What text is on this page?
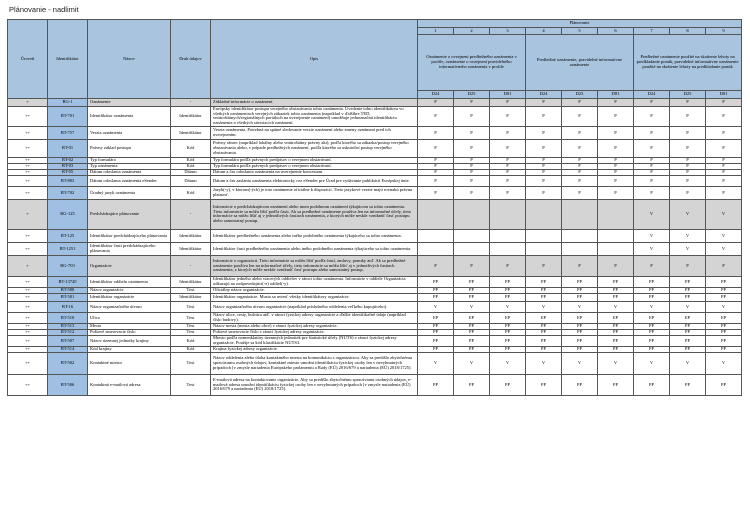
Plánovanie - nadlimit
Úroveň	Identifikátor	Názov	Druh údajov	Opis	Plánovanie								
					1	2	3	4	5	6	7	8	9
					Oznámenie o ovzejnení predbežného oznámenia v profile, oznámenie o ovzejnení pravidelného informatívneho oznámenia v profile			Predbežné oznámenie, pravidelné informatívne oznámenie			Predbežné oznámenie použité na skrátenie lehoty na predkladanie ponúk, pravidelné informatívne oznámenie použité na skrátenie lehoty na predkladanie ponúk		
					D24	D25	D81	D24	D25	D81	D24	D25	D81
+	BG-1	Oznámenie	-	Základné informácie o oznámení.	P	P	P	P	P	P	P	P	P
++	BT-701	Identifikátor oznámenia	Identifikátor	Európsky identifikátor postupu verejného obstarávania tohto oznámenia. Uvedenie tohto identifikátora vo všetkých oznámeniach verejných zákaziek tohto oznámenia (napríklad v ďalšíbre TED, vnútroštátnych/regionálnych portáloch na uverejnenie oznámení) umožňuje jednoznačnú identifikáciu oznámenia a všetkých súvisiacich oznámení.	P	P	P	P	P	P	P	P	P
++	BT-757	Verzia oznámenia	Identifikátor	Verzia oznámenia. Potrebná na spätné sledovanie verzie oznámení alebo zmeny oznámení pred ich uverejnením.	P	P	P	P	P	P	P	P	P
++	BT-01	Právny základ postupu	Kód	Právny rámec (napríklad lokálny alebo vnútroštátny právny akt), podľa ktorého sa zákazka/postup verejného obstarávania alebo, v prípade predbežných oznámení, podľa ktorého sa uskutoční postup verejného obstarávania.	P	P	P	P	P	P	P	P	P
++	BT-02	Typ formulára	Kód	Typ formulára podľa právnych predpisov o verejnom obstarávaní.	P	P	P	P	P	P	P	P	P
++	BT-03	Typ oznámenia	Kód	Typ formulára podľa právnych predpisov o verejnom obstarávaní.	P	P	P	P	P	P	P	P	P
++	BT-05	Dátum odoslania oznámenia	Dátum	Dátum a čas odoslania oznámenia na uverejnenie koncesiam.	P	P	P	P	P	P	P	P	P
++	BT-803	Dátum odoslania oznámenia eSender	Dátum	Dátum a čas zaslania oznámenia elektronicky cez eSender pre Úrad pre vydávanie publikácií Európskej únie.	P	P	P	P	P	P	P	P	P
++	BT-702	Úradný jazyk oznámenia	Kód	Jazyk(-y), v ktorom(-ých) je toto oznámenie oficiálne k dispozícii. Tieto jazykové verzie majú rovnakú právnu platnosť.	P	P	P	P	P	P	P	P	P
+	BG-125	Predchádzajúce plánovanie	-	Informácie o predchádzajúcom oznámení alebo inom podobnom oznámení týkajúcom sa tohto oznámenia. Tieto informácie sa môžu líšiť podľa časti. Ak sa predbežné oznámenie používa len na informačné účely, tieto informácie sa môžu líšiť aj v jednotlivých častiach oznámenia, z ktorých môže neskôr vzniknúť časť postupu alebo samostatný postup.							V	V	V
++	BT-125	Identifikátor predchádzajúceho plánovania	Identifikátor	Identifikátor predbežného oznámenia alebo iného podobného oznámenia týkajúceho sa tohto oznámenia.							V	V	V
++	BT-1251	Identifikátor časti predchádzajúceho plánovania	Identifikátor	Identifikátor časti predbežného oznámenia alebo iného podobného oznámenia týkajúceho sa tohto oznámenia.							V	V	V
+	BG-703	Organizácie	-	Informácie o organizácii. Tieto informácie sa môžu líšiť podľa častí, zmluvy, ponuky atď. Ak sa predbežné oznámenie používa len na informačné účely, tieto informácie sa môžu líšiť aj v jednotlivých častiach oznámenia, z ktorých môže neskôr vzniknúť časť postupu alebo samostatný postup.	P	P	P	P	P	P	P	P	P
++	BT-13720	Identifikátor oddielu oznámenia	Identifikátor	Identifikátor jedného alebo viacerých oddielov v rámci tohto oznámenia. Informácie v oddiele Organizácia odkazujú na zodpovedajúci(-e) oddiel(-y).	PP	PP	PP	PP	PP	PP	PP	PP	PP
++	BT-500	Názov organizácie	Text	Oficiálny názov organizácie.	PP	PP	PP	PP	PP	PP	PP	PP	PP
++	BT-501	Identifikátor organizácie	Identifikátor	Identifikátor organizácie. Musia sa uviesť všetky identifikátory organizácie.	PP	PP	PP	PP	PP	PP	PP	PP	PP
++	BT-16	Názov organizačného útvaru	Text	Názov organizačného útvaru organizácie (napríklad príslušného oddelenia veľkého kupujúceho).	V	V	V	V	V	V	V	V	V
++	BT-510	Ulica	Text	Názov ulice, cesty, bulváru atď. v rámci fyzickej adresy organizácie a ďalšie identifikačné údaje (napríklad číslo budovy).	EP	EP	EP	EP	EP	EP	EP	EP	EP
++	BT-513	Mesto	Text	Názov mesta (mesta alebo obce) v rámci fyzickej adresy organizácie.	PP	PP	PP	PP	PP	PP	PP	PP	PP
++	BT-512	Poštové smerovacie číslo	Text	Poštové smerovacie číslo v rámci fyzickej adresy organizácie.	PP	PP	PP	PP	PP	PP	PP	PP	PP
++	BT-507	Názov územnej jednotky krajiny	Kód	Miesto podľa nomenklatúry územných jednotiek pre štatistické účely (NUTS) v rámci fyzickej adresy organizácie. Použije sa kód klasifikácie NUTS3.	PP	PP	PP	PP	PP	PP	PP	PP	PP
++	BT-514	Kód krajiny	Kód	Krajina fyzickej adresy organizácie.	PP	PP	PP	PP	PP	PP	PP	PP	PP
++	BT-502	Kontaktné miesto	Text	Názov oddelenia alebo úloha kontaktného miesta na komunikáciu s organizáciou. Aby sa predišlo zbytočnému spracúvaniu osobných údajov, kontaktné miesto umožní identifikáciu fyzickej osoby len v nevyhnutných prípadoch [v zmysle nariadenia Európskeho parlamentu a Rady (EÚ) 2016/679 a nariadenia (EÚ) 2018/1725].	V	V	V	V	V	V	V	V	V
++	BT-506	Kontaktná e-mailová adresa	Text	E-mailová adresa na kontaktovanie organizácie. Aby sa predišlo zbytočnému spracúvaniu osobných údajov, e-mailová adresa umožní identifikáciu fyzickej osoby len v nevyhnutných prípadoch [v zmysle nariadenia (EÚ) 2016/679 a nariadenia (EÚ) 2018/1725].	PP	PP	PP	PP	PP	PP	PP	PP	PP
